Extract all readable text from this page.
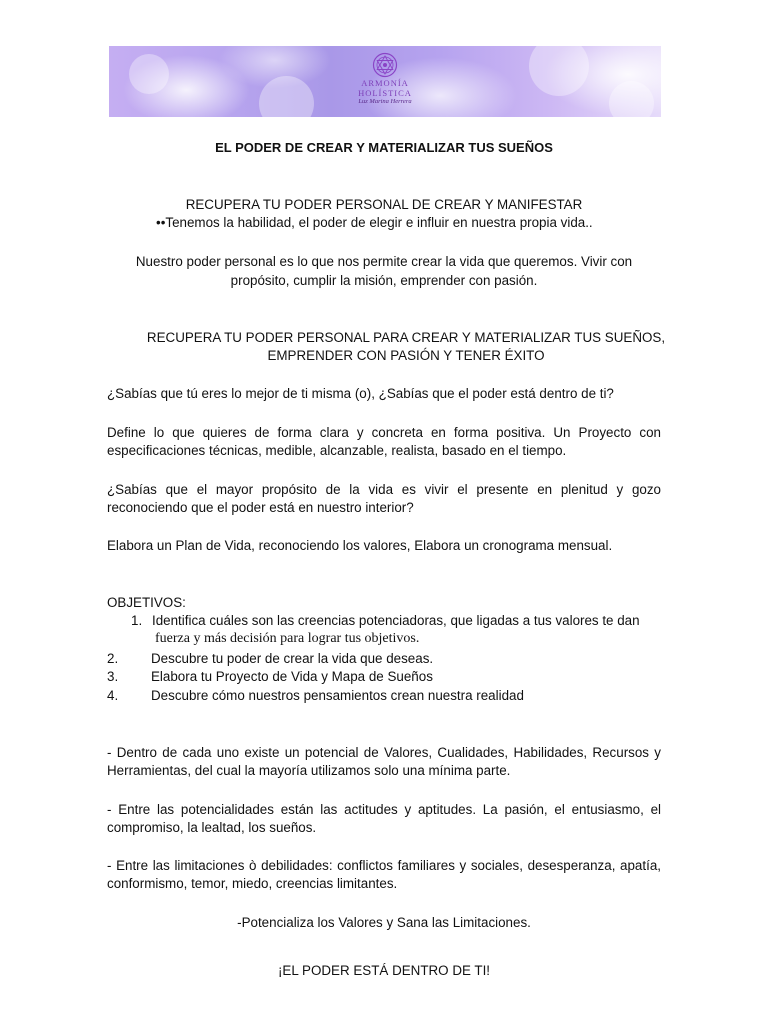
ARMONÍA
HOLÍSTICA
Luz Marina Herrera
EL PODER DE CREAR Y MATERIALIZAR TUS SUEÑOS
RECUPERA TU PODER PERSONAL DE CREAR Y MANIFESTAR
••Tenemos la habilidad, el poder de elegir e influir en nuestra propia vida..
Nuestro poder personal es lo que nos permite crear la vida que queremos. Vivir con
propósito, cumplir la misión, emprender con pasión.
RECUPERA TU PODER PERSONAL PARA CREAR Y MATERIALIZAR TUS SUEÑOS,
EMPRENDER CON PASIÓN Y TENER ÉXITO
¿Sabías que tú eres lo mejor de ti misma (o), ¿Sabías que el poder está dentro de ti?
Define lo que quieres de forma clara y concreta en forma positiva. Un Proyecto con especificaciones técnicas, medible, alcanzable, realista, basado en el tiempo.
¿Sabías que el mayor propósito de la vida es vivir el presente en plenitud y gozo reconociendo que el poder está en nuestro interior?
Elabora un Plan de Vida, reconociendo los valores, Elabora un cronograma mensual.
OBJETIVOS:
1. Identifica cuáles son las creencias potenciadoras, que ligadas a tus valores te dan
fuerza y más decisión para lograr tus objetivos.
2. Descubre tu poder de crear la vida que deseas.
3. Elabora tu Proyecto de Vida y Mapa de Sueños
4. Descubre cómo nuestros pensamientos crean nuestra realidad
- Dentro de cada uno existe un potencial de Valores, Cualidades, Habilidades, Recursos y Herramientas, del cual la mayoría utilizamos solo una mínima parte.
- Entre las potencialidades están las actitudes y aptitudes. La pasión, el entusiasmo, el compromiso, la lealtad, los sueños.
- Entre las limitaciones ò debilidades: conflictos familiares y sociales, desesperanza, apatía, conformismo, temor, miedo, creencias limitantes.
-Potencializa los Valores y Sana las Limitaciones.
¡EL PODER ESTÁ DENTRO DE TI!
